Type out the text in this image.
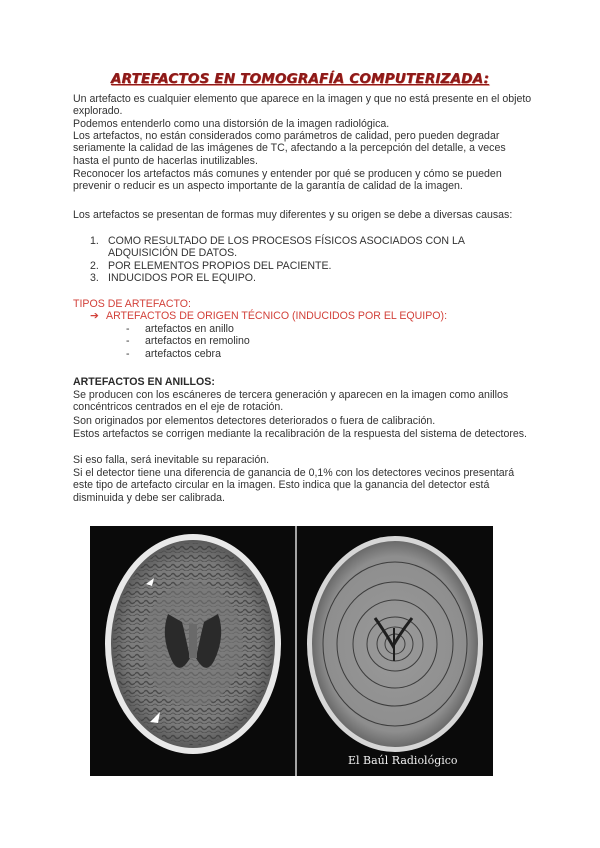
ARTEFACTOS EN TOMOGRAFÍA COMPUTERIZADA:
Un artefacto es cualquier elemento que aparece en la imagen y que no está presente en el objeto explorado.
Podemos entenderlo como una distorsión de la imagen radiológica.
Los artefactos, no están considerados como parámetros de calidad, pero pueden degradar seriamente la calidad de las imágenes de TC, afectando a la percepción del detalle, a veces hasta el punto de hacerlas inutilizables.
Reconocer los artefactos más comunes y entender por qué se producen y cómo se pueden prevenir o reducir es un aspecto importante de la garantía de calidad de la imagen.
Los artefactos se presentan de formas muy diferentes y su origen se debe a diversas causas:
1. COMO RESULTADO DE LOS PROCESOS FÍSICOS ASOCIADOS CON LA ADQUISICIÓN DE DATOS.
2. POR ELEMENTOS PROPIOS DEL PACIENTE.
3. INDUCIDOS POR EL EQUIPO.
TIPOS DE ARTEFACTO:
➔ ARTEFACTOS DE ORIGEN TÉCNICO (INDUCIDOS POR EL EQUIPO):
- artefactos en anillo
- artefactos en remolino
- artefactos cebra
ARTEFACTOS EN ANILLOS:
Se producen con los escáneres de tercera generación y aparecen en la imagen como anillos concéntricos centrados en el eje de rotación.
Son originados por elementos detectores deteriorados o fuera de calibración.
Estos artefactos se corrigen mediante la recalibración de la respuesta del sistema de detectores.
Si eso falla, será inevitable su reparación.
Si el detector tiene una diferencia de ganancia de 0,1% con los detectores vecinos presentará este tipo de artefacto circular en la imagen. Esto indica que la ganancia del detector está disminuida y debe ser calibrada.
El Baúl Radiológico
